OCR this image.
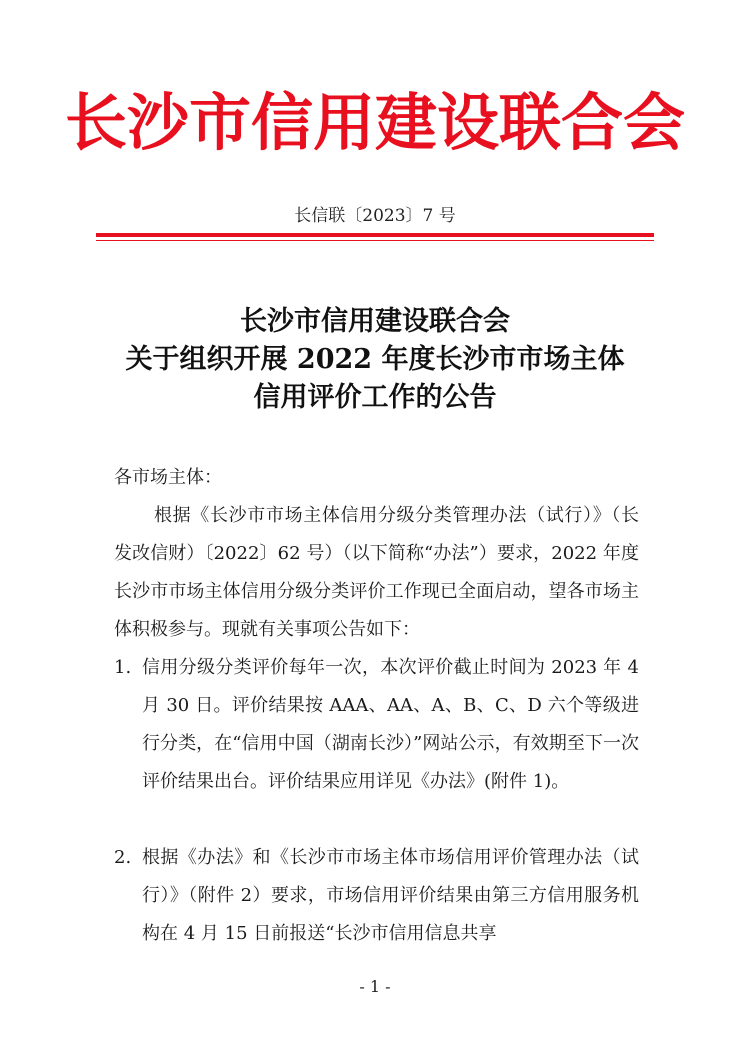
长沙市信用建设联合会
长信联〔2023〕7 号
长沙市信用建设联合会
关于组织开展 2022 年度长沙市市场主体
信用评价工作的公告
各市场主体：

根据《长沙市市场主体信用分级分类管理办法（试行）》（长发改信财）〔2022〕62 号）（以下简称“办法”）要求，2022 年度长沙市市场主体信用分级分类评价工作现已全面启动，望各市场主体积极参与。现就有关事项公告如下：

1. 信用分级分类评价每年一次，本次评价截止时间为 2023 年 4 月 30 日。评价结果按 AAA、AA、A、B、C、D 六个等级进行分类，在“信用中国（湖南长沙）”网站公示，有效期至下一次评价结果出台。评价结果应用详见《办法》(附件 1)。
2. 根据《办法》和《长沙市市场主体市场信用评价管理办法（试行）》（附件 2）要求，市场信用评价结果由第三方信用服务机构在 4 月 15 日前报送“长沙市信用信息共享
- 1 -
